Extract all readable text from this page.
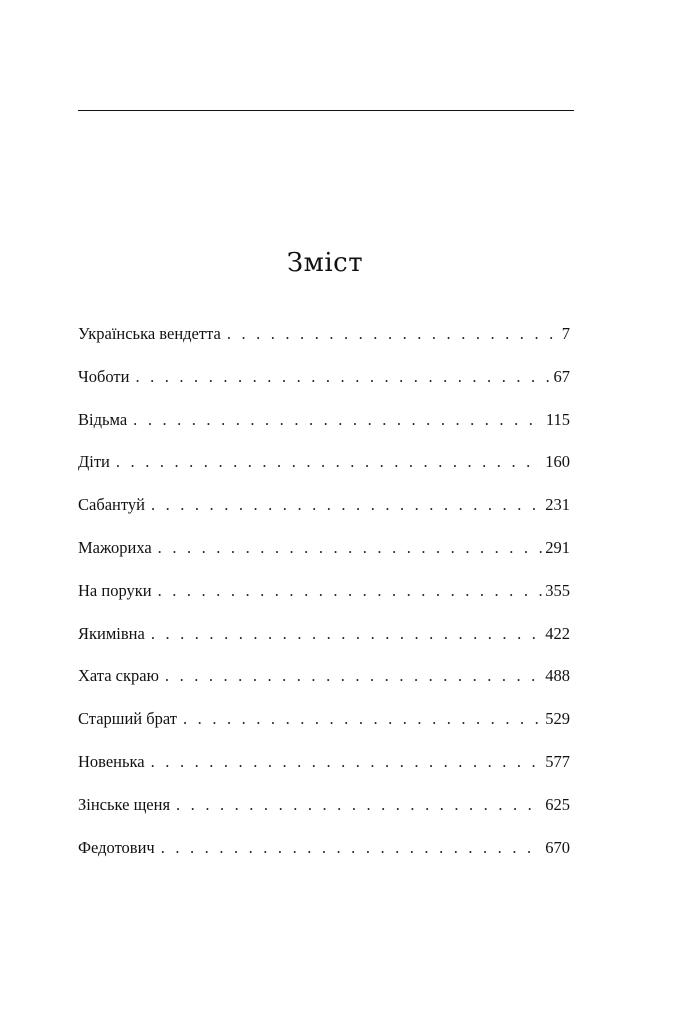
Зміст
Українська вендетта . . .	7
Чоботи . . .	67
Відьма . . .	115
Діти . . .	160
Сабантуй . . .	231
Мажориха . . .	291
На поруки . . .	355
Якимівна . . .	422
Хата скраю . . .	488
Старший брат . . .	529
Новенька . . .	577
Зінське щеня . . .	625
Федотович . . .	670
